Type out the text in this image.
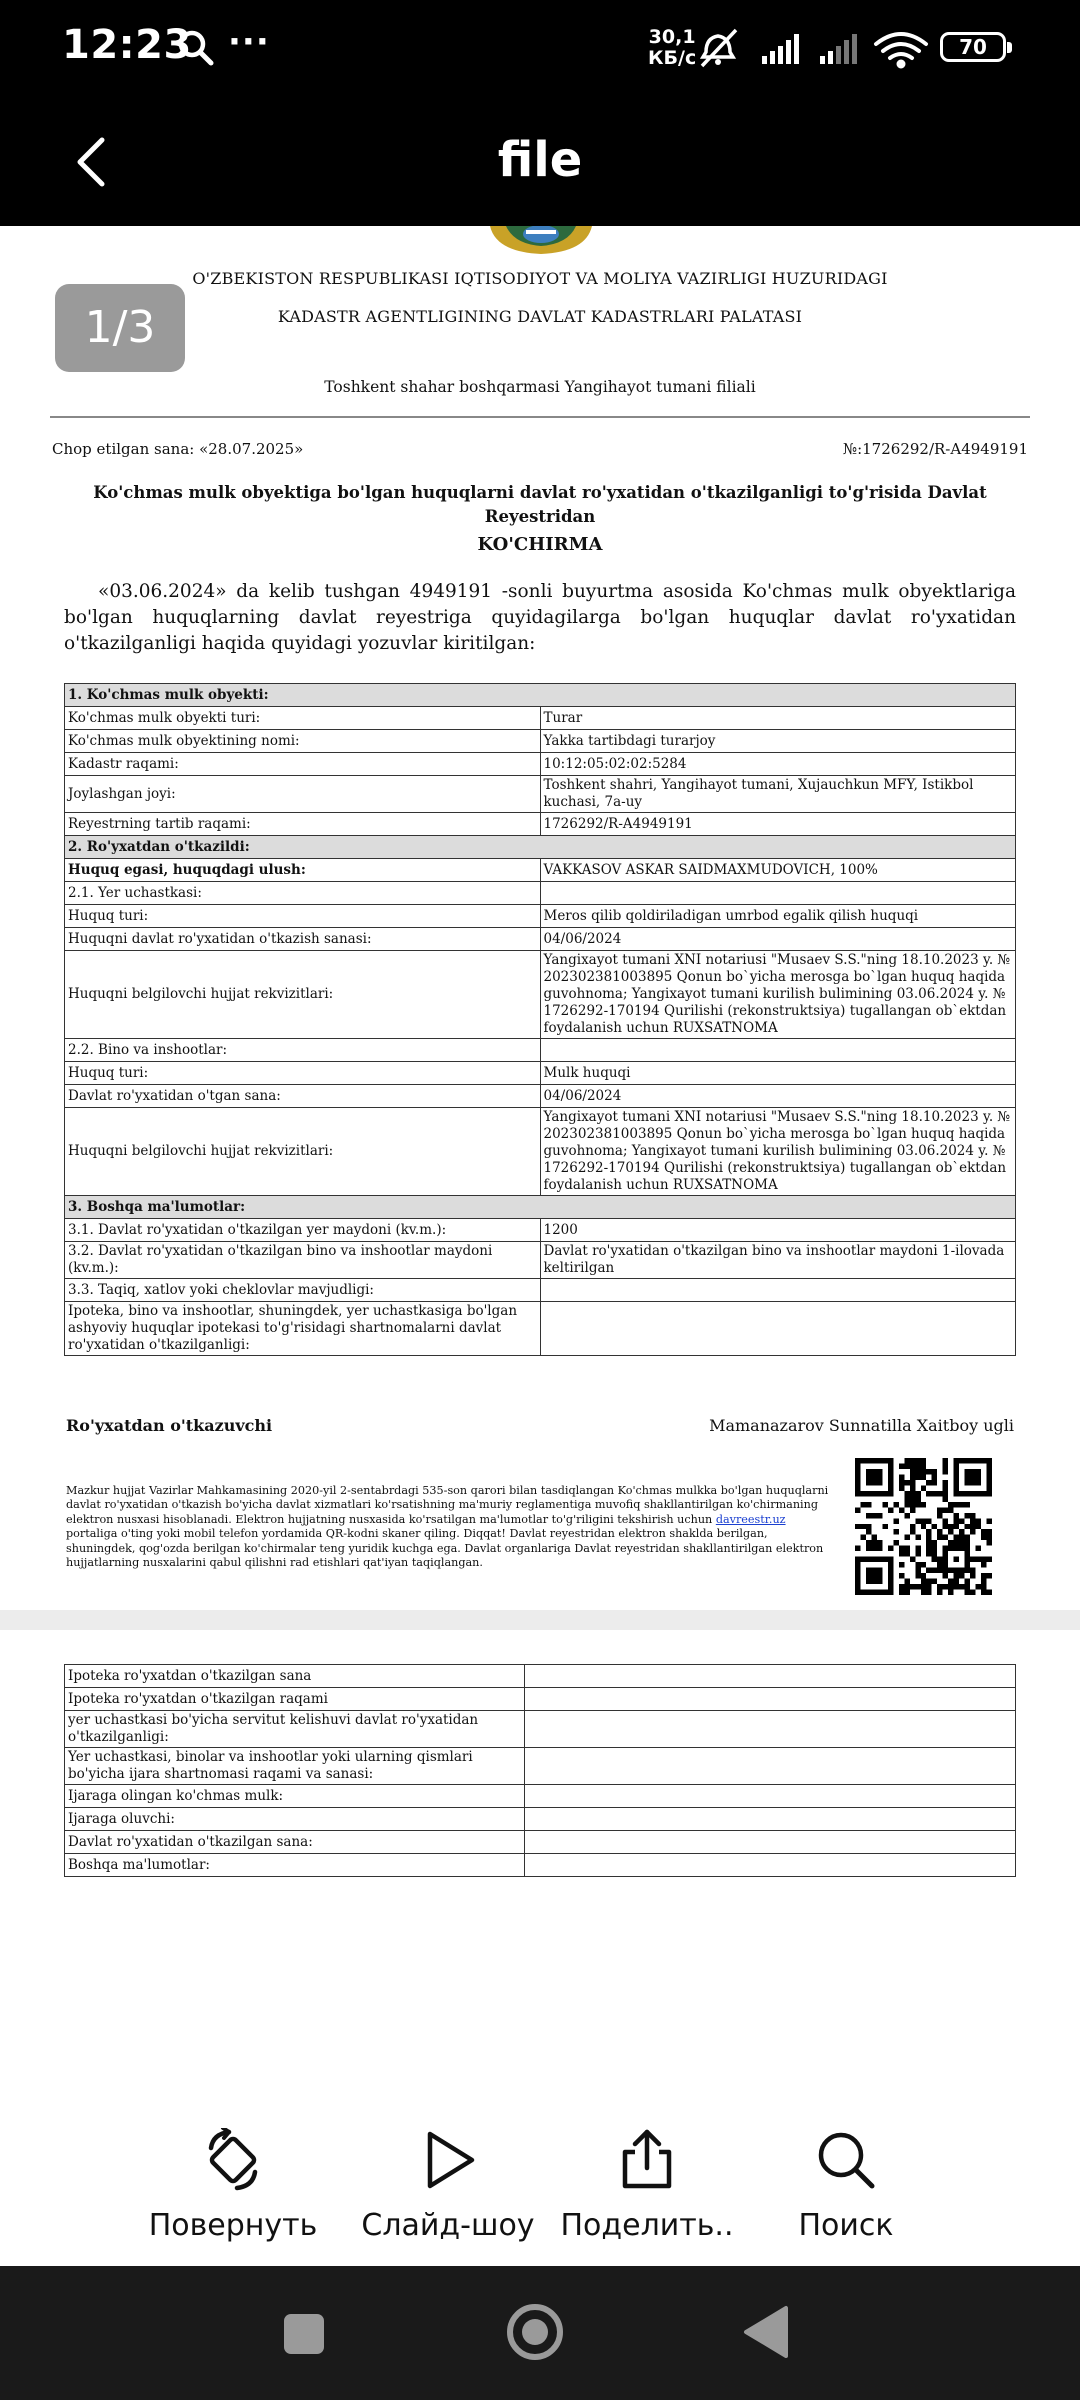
12:23 ···	30,1
КБ/с	70
file
1/3
O'ZBEKISTON RESPUBLIKASI IQTISODIYOT VA MOLIYA VAZIRLIGI HUZURIDAGI
KADASTR AGENTLIGINING DAVLAT KADASTRLARI PALATASI
Toshkent shahar boshqarmasi Yangihayot tumani filiali
Chop etilgan sana: «28.07.2025»	№:1726292/R-A4949191
Ko'chmas mulk obyektiga bo'lgan huquqlarni davlat ro'yxatidan o'tkazilganligi to'g'risida Davlat Reyestridan
KO'CHIRMA
«03.06.2024» da kelib tushgan 4949191 -sonli buyurtma asosida Ko'chmas mulk obyektlariga bo'lgan huquqlarning davlat reyestriga quyidagilarga bo'lgan huquqlar davlat ro'yxatidan o'tkazilganligi haqida quyidagi yozuvlar kiritilgan:
1. Ko'chmas mulk obyekti:	
Ko'chmas mulk obyekti turi:	Turar
Ko'chmas mulk obyektining nomi:	Yakka tartibdagi turarjoy
Kadastr raqami:	10:12:05:02:02:5284
Joylashgan joyi:	Toshkent shahri, Yangihayot tumani, Xujauchkun MFY, Istikbol kuchasi, 7a-uy
Reyestrning tartib raqami:	1726292/R-A4949191
2. Ro'yxatdan o'tkazildi:	
Huquq egasi, huquqdagi ulush:	VAKKASOV ASKAR SAIDMAXMUDOVICH, 100%
2.1. Yer uchastkasi:	
Huquq turi:	Meros qilib qoldiriladigan umrbod egalik qilish huquqi
Huquqni davlat ro'yxatidan o'tkazish sanasi:	04/06/2024
Huquqni belgilovchi hujjat rekvizitlari:	Yangixayot tumani XNI notariusi "Musaev S.S."ning 18.10.2023 y. № 202302381003895 Qonun bo`yicha merosga bo`lgan huquq haqida guvohnoma; Yangixayot tumani kurilish bulimining 03.06.2024 y. № 1726292-170194 Qurilishi (rekonstruktsiya) tugallangan ob`ektdan foydalanish uchun RUXSATNOMA
2.2. Bino va inshootlar:	
Huquq turi:	Mulk huquqi
Davlat ro'yxatidan o'tgan sana:	04/06/2024
Huquqni belgilovchi hujjat rekvizitlari:	Yangixayot tumani XNI notariusi "Musaev S.S."ning 18.10.2023 y. № 202302381003895 Qonun bo`yicha merosga bo`lgan huquq haqida guvohnoma; Yangixayot tumani kurilish bulimining 03.06.2024 y. № 1726292-170194 Qurilishi (rekonstruktsiya) tugallangan ob`ektdan foydalanish uchun RUXSATNOMA
3. Boshqa ma'lumotlar:	
3.1. Davlat ro'yxatidan o'tkazilgan yer maydoni (kv.m.):	1200
3.2. Davlat ro'yxatidan o'tkazilgan bino va inshootlar maydoni (kv.m.):	Davlat ro'yxatidan o'tkazilgan bino va inshootlar maydoni 1-ilovada keltirilgan
3.3. Taqiq, xatlov yoki cheklovlar mavjudligi:	
Ipoteka, bino va inshootlar, shuningdek, yer uchastkasiga bo'lgan ashyoviy huquqlar ipotekasi to'g'risidagi shartnomalarni davlat ro'yxatidan o'tkazilganligi:	
Ro'yxatdan o'tkazuvchi	Mamanazarov Sunnatilla Xaitboy ugli
Mazkur hujjat Vazirlar Mahkamasining 2020-yil 2-sentabrdagi 535-son qarori bilan tasdiqlangan Ko'chmas mulkka bo'lgan huquqlarni davlat ro'yxatidan o'tkazish bo'yicha davlat xizmatlari ko'rsatishning ma'muriy reglamentiga muvofiq shakllantirilgan ko'chirmaning elektron nusxasi hisoblanadi. Elektron hujjatning nusxasida ko'rsatilgan ma'lumotlar to'g'riligini tekshirish uchun davreestr.uz portaliga o'ting yoki mobil telefon yordamida QR-kodni skaner qiling. Diqqat! Davlat reyestridan elektron shaklda berilgan, shuningdek, qog'ozda berilgan ko'chirmalar teng yuridik kuchga ega. Davlat organlariga Davlat reyestridan shakllantirilgan elektron hujjatlarning nusxalarini qabul qilishni rad etishlari qat'iyan taqiqlangan.
Ipoteka ro'yxatdan o'tkazilgan sana	
Ipoteka ro'yxatdan o'tkazilgan raqami	
yer uchastkasi bo'yicha servitut kelishuvi davlat ro'yxatidan o'tkazilganligi:	
Yer uchastkasi, binolar va inshootlar yoki ularning qismlari bo'yicha ijara shartnomasi raqami va sanasi:	
Ijaraga olingan ko'chmas mulk:	
Ijaraga oluvchi:	
Davlat ro'yxatidan o'tkazilgan sana:	
Boshqa ma'lumotlar:	
Повернуть	Слайд-шоу Поделить..	Поиск
